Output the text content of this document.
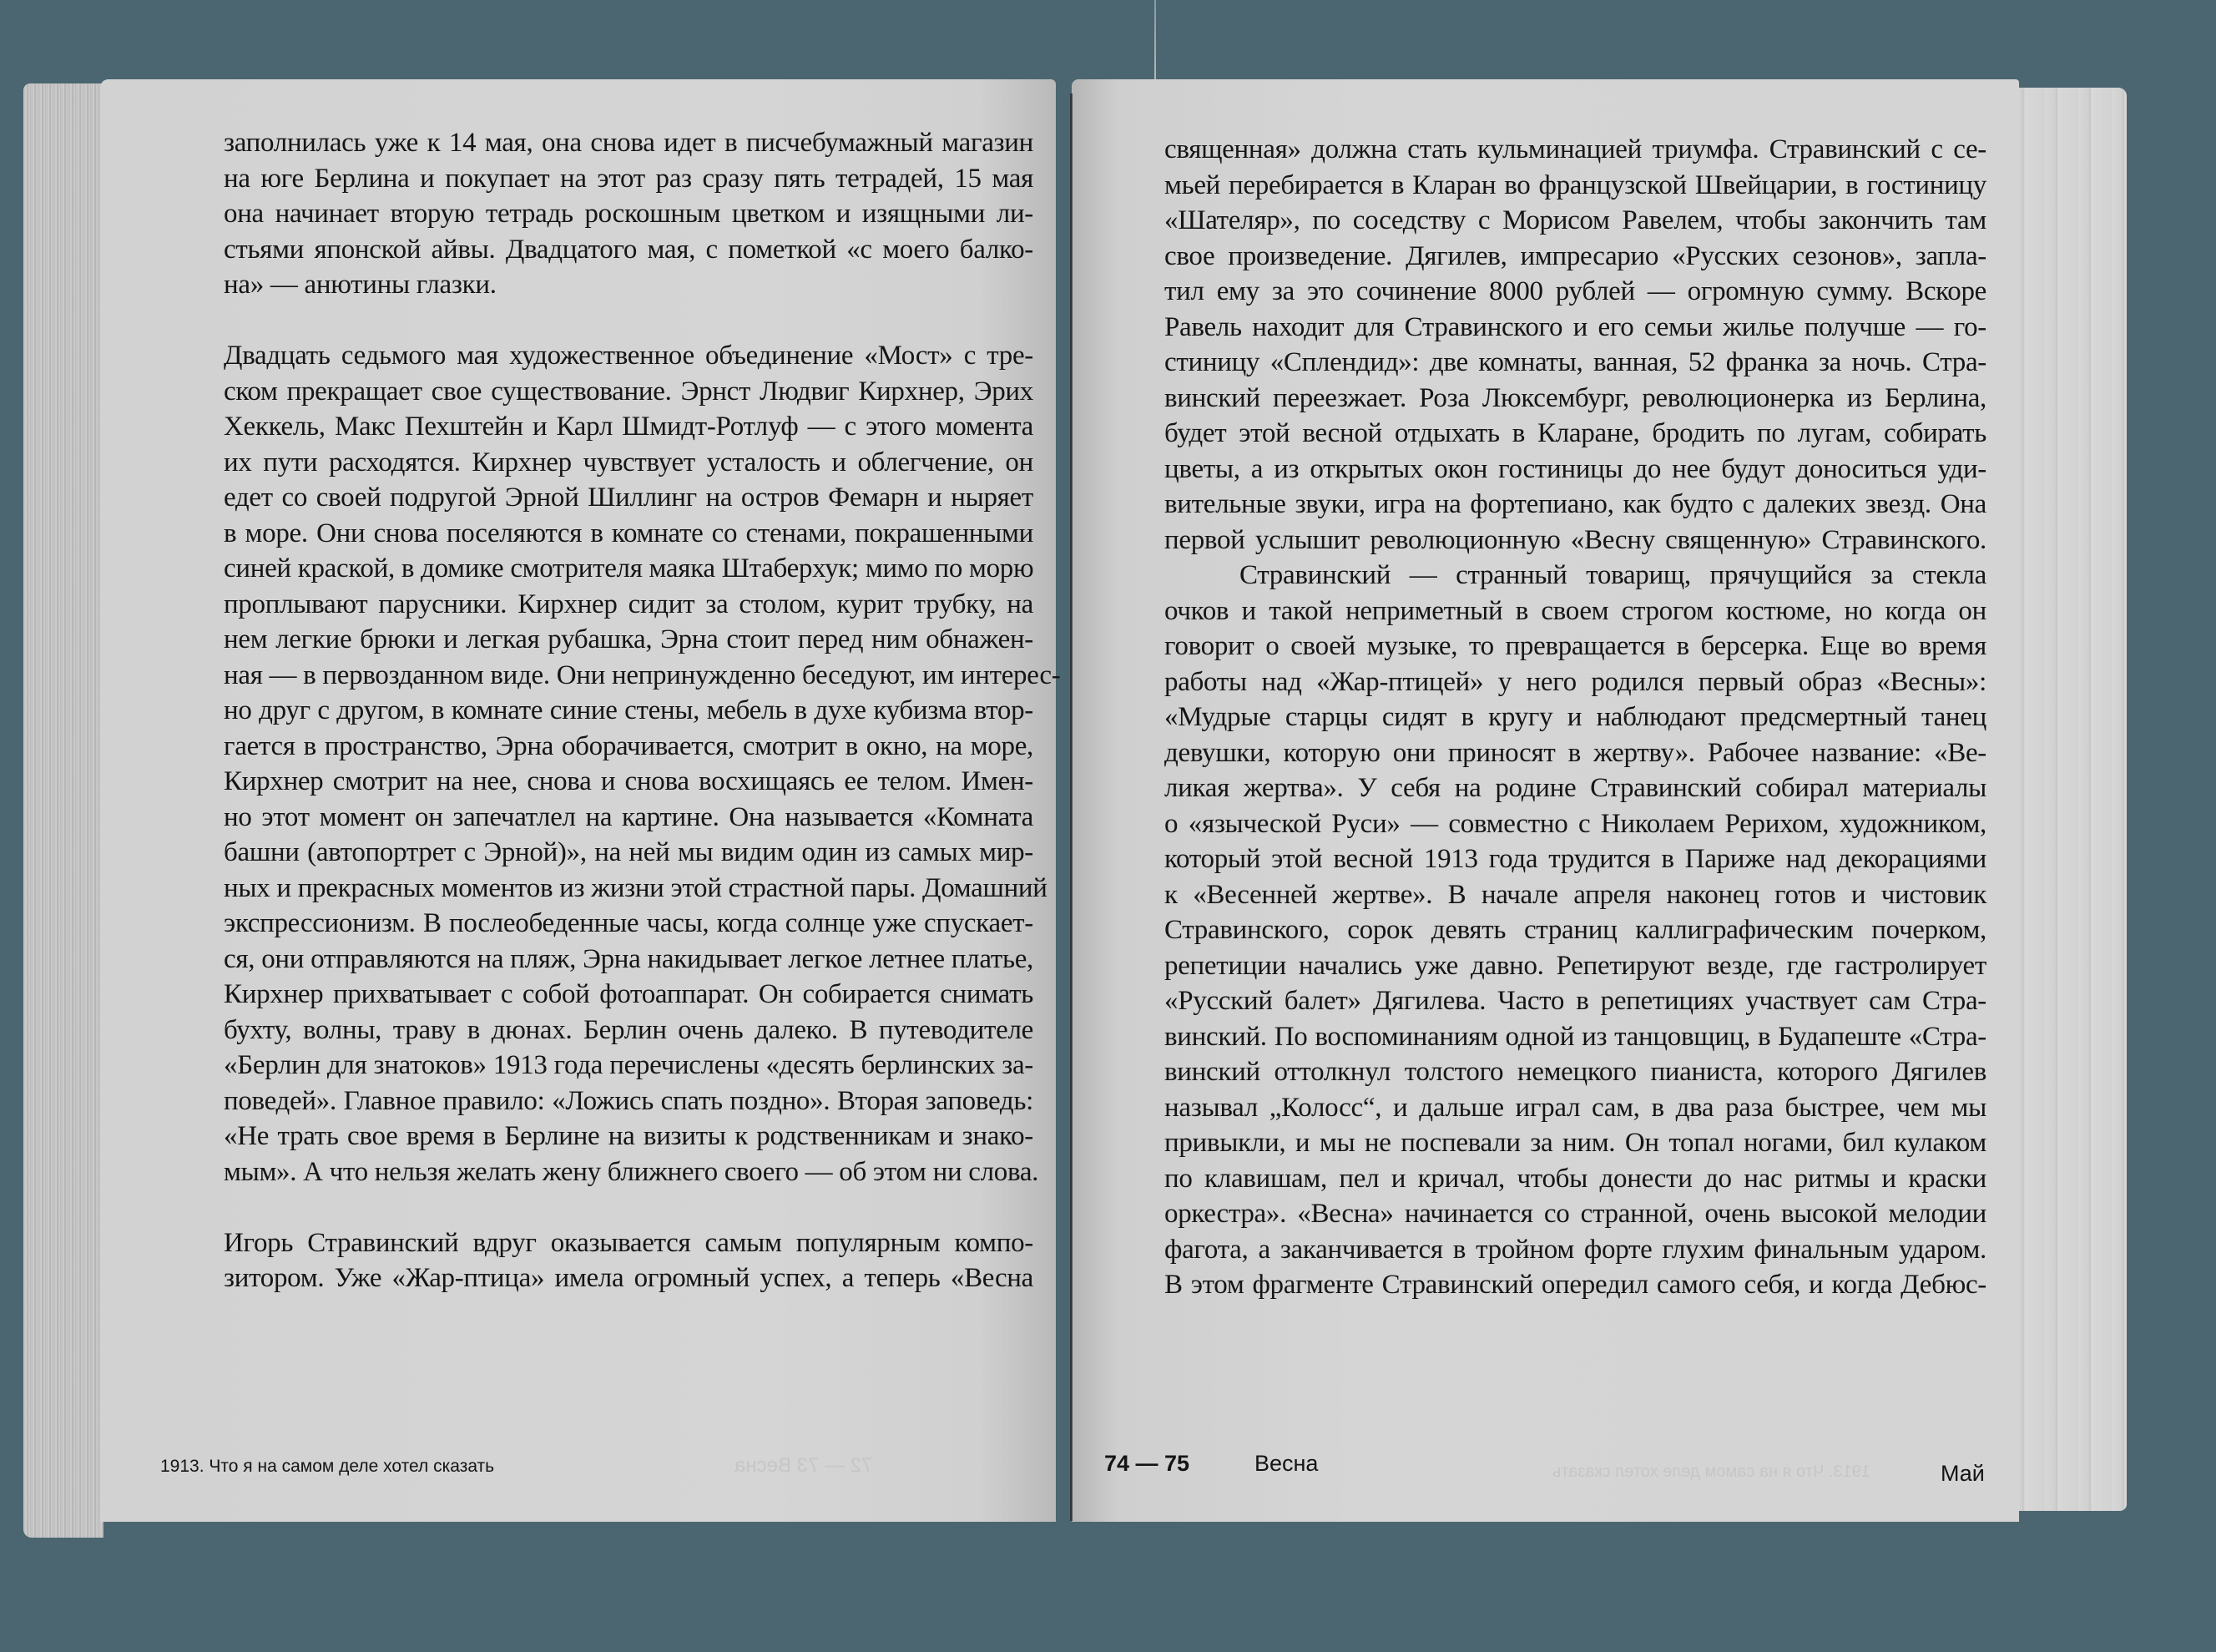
72 — 73 Весна	1913. Что я на самом деле хотел сказать
заполнилась уже к 14 мая, она снова идет в писчебумажный магазин
на юге Берлина и покупает на этот раз сразу пять тетрадей, 15 мая
она начинает вторую тетрадь роскошным цветком и изящными ли-
стьями японской айвы. Двадцатого мая, с пометкой «с моего балко-
на» — анютины глазки.
Двадцать седьмого мая художественное объединение «Мост» с тре-
ском прекращает свое существование. Эрнст Людвиг Кирхнер, Эрих
Хеккель, Макс Пехштейн и Карл Шмидт-Ротлуф — с этого момента
их пути расходятся. Кирхнер чувствует усталость и облегчение, он
едет со своей подругой Эрной Шиллинг на остров Фемарн и ныряет
в море. Они снова поселяются в комнате со стенами, покрашенными
синей краской, в домике смотрителя маяка Штаберхук; мимо по морю
проплывают парусники. Кирхнер сидит за столом, курит трубку, на
нем легкие брюки и легкая рубашка, Эрна стоит перед ним обнажен-
ная — в первозданном виде. Они непринужденно беседуют, им интерес-
но друг с другом, в комнате синие стены, мебель в духе кубизма втор-
гается в пространство, Эрна оборачивается, смотрит в окно, на море,
Кирхнер смотрит на нее, снова и снова восхищаясь ее телом. Имен-
но этот момент он запечатлел на картине. Она называется «Комната
башни (автопортрет с Эрной)», на ней мы видим один из самых мир-
ных и прекрасных моментов из жизни этой страстной пары. Домашний
экспрессионизм. В послеобеденные часы, когда солнце уже спускает-
ся, они отправляются на пляж, Эрна накидывает легкое летнее платье,
Кирхнер прихватывает с собой фотоаппарат. Он собирается снимать
бухту, волны, траву в дюнах. Берлин очень далеко. В путеводителе
«Берлин для знатоков» 1913 года перечислены «десять берлинских за-
поведей». Главное правило: «Ложись спать поздно». Вторая заповедь:
«Не трать свое время в Берлине на визиты к родственникам и знако-
мым». А что нельзя желать жену ближнего своего — об этом ни слова.
Игорь Стравинский вдруг оказывается самым популярным компо-
зитором. Уже «Жар-птица» имела огромный успех, а теперь «Весна
священная» должна стать кульминацией триумфа. Стравинский с се-
мьей перебирается в Кларан во французской Швейцарии, в гостиницу
«Шателяр», по соседству с Морисом Равелем, чтобы закончить там
свое произведение. Дягилев, импресарио «Русских сезонов», запла-
тил ему за это сочинение 8000 рублей — огромную сумму. Вскоре
Равель находит для Стравинского и его семьи жилье получше — го-
стиницу «Сплендид»: две комнаты, ванная, 52 франка за ночь. Стра-
винский переезжает. Роза Люксембург, революционерка из Берлина,
будет этой весной отдыхать в Кларане, бродить по лугам, собирать
цветы, а из открытых окон гостиницы до нее будут доноситься уди-
вительные звуки, игра на фортепиано, как будто с далеких звезд. Она
первой услышит революционную «Весну священную» Стравинского.
Стравинский — странный товарищ, прячущийся за стекла
очков и такой неприметный в своем строгом костюме, но когда он
говорит о своей музыке, то превращается в берсерка. Еще во время
работы над «Жар-птицей» у него родился первый образ «Весны»:
«Мудрые старцы сидят в кругу и наблюдают предсмертный танец
девушки, которую они приносят в жертву». Рабочее название: «Ве-
ликая жертва». У себя на родине Стравинский собирал материалы
о «языческой Руси» — совместно с Николаем Рерихом, художником,
который этой весной 1913 года трудится в Париже над декорациями
к «Весенней жертве». В начале апреля наконец готов и чистовик
Стравинского, сорок девять страниц каллиграфическим почерком,
репетиции начались уже давно. Репетируют везде, где гастролирует
«Русский балет» Дягилева. Часто в репетициях участвует сам Стра-
винский. По воспоминаниям одной из танцовщиц, в Будапеште «Стра-
винский оттолкнул толстого немецкого пианиста, которого Дягилев
называл „Колосс“, и дальше играл сам, в два раза быстрее, чем мы
привыкли, и мы не поспевали за ним. Он топал ногами, бил кулаком
по клавишам, пел и кричал, чтобы донести до нас ритмы и краски
оркестра». «Весна» начинается со странной, очень высокой мелодии
фагота, а заканчивается в тройном форте глухим финальным ударом.
В этом фрагменте Стравинский опередил самого себя, и когда Дебюс-
1913. Что я на самом деле хотел сказать	74 — 75	Весна	Май
